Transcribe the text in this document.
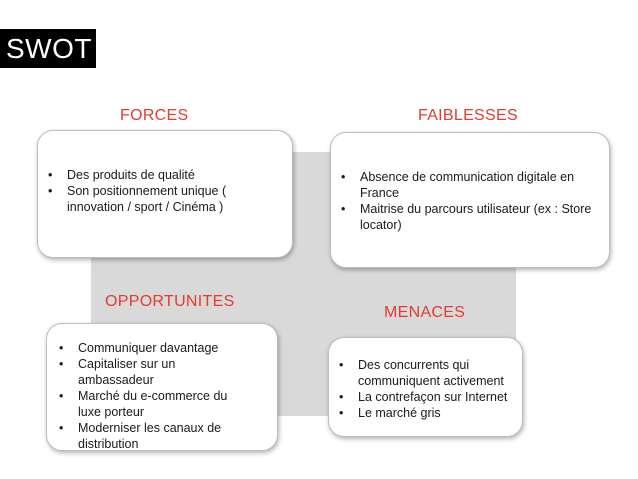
SWOT
FORCES
• Des produits de qualité
• Son positionnement unique ( innovation / sport / Cinéma )
FAIBLESSES
• Absence de communication digitale en France
• Maitrise du parcours utilisateur (ex : Store locator)
OPPORTUNITES
• Communiquer davantage
• Capitaliser sur un ambassadeur
• Marché du e-commerce du luxe porteur
• Moderniser les canaux de distribution
MENACES
• Des concurrents qui communiquent activement
• La contrefaçon sur Internet
• Le marché gris
